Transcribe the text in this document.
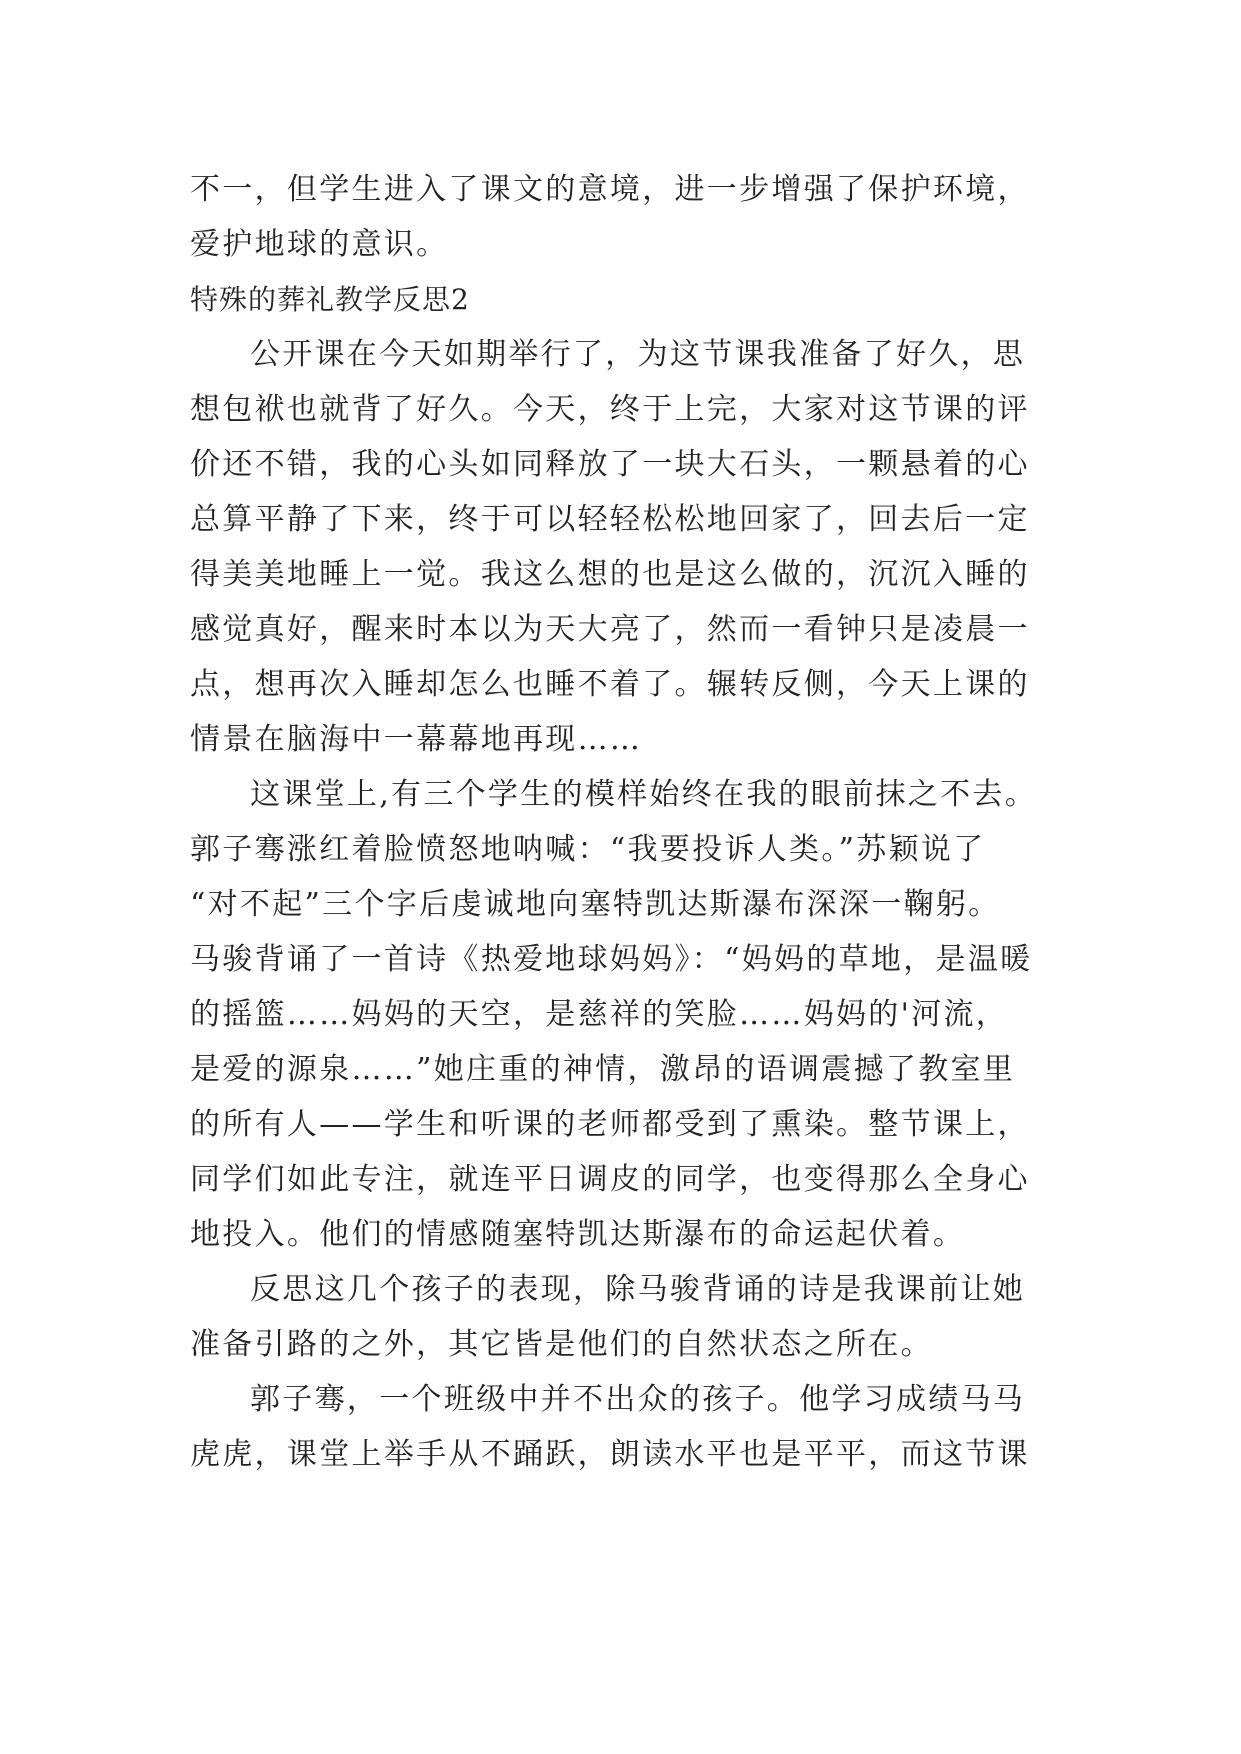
不一，但学生进入了课文的意境，进一步增强了保护环境，
爱护地球的意识。
特殊的葬礼教学反思2
公开课在今天如期举行了，为这节课我准备了好久，思
想包袱也就背了好久。今天，终于上完，大家对这节课的评
价还不错，我的心头如同释放了一块大石头，一颗悬着的心
总算平静了下来，终于可以轻轻松松地回家了，回去后一定
得美美地睡上一觉。我这么想的也是这么做的，沉沉入睡的
感觉真好，醒来时本以为天大亮了，然而一看钟只是凌晨一
点，想再次入睡却怎么也睡不着了。辗转反侧，今天上课的
情景在脑海中一幕幕地再现……
这课堂上,有三个学生的模样始终在我的眼前抹之不去。
郭子骞涨红着脸愤怒地呐喊：“我要投诉人类。”苏颖说了
“对不起”三个字后虔诚地向塞特凯达斯瀑布深深一鞠躬。
马骏背诵了一首诗《热爱地球妈妈》：“妈妈的草地，是温暖
的摇篮……妈妈的天空，是慈祥的笑脸……妈妈的'河流，
是爱的源泉……”她庄重的神情，激昂的语调震撼了教室里
的所有人——学生和听课的老师都受到了熏染。整节课上，
同学们如此专注，就连平日调皮的同学，也变得那么全身心
地投入。他们的情感随塞特凯达斯瀑布的命运起伏着。
反思这几个孩子的表现，除马骏背诵的诗是我课前让她
准备引路的之外，其它皆是他们的自然状态之所在。
郭子骞，一个班级中并不出众的孩子。他学习成绩马马
虎虎，课堂上举手从不踊跃，朗读水平也是平平，而这节课
